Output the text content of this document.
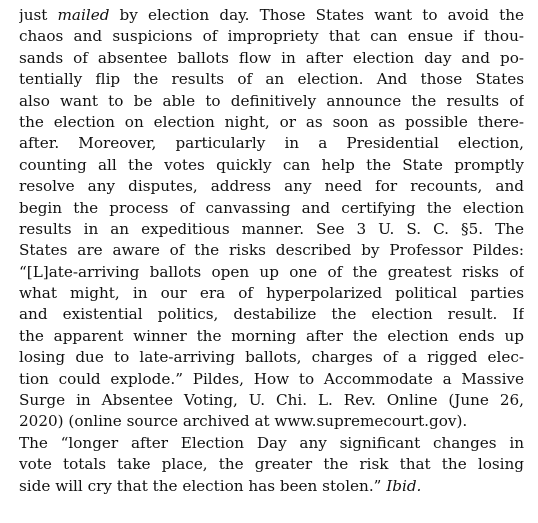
just mailed by election day. Those States want to avoid the
chaos and suspicions of impropriety that can ensue if thou-
sands of absentee ballots flow in after election day and po-
tentially flip the results of an election. And those States
also want to be able to definitively announce the results of
the election on election night, or as soon as possible there-
after. Moreover, particularly in a Presidential election,
counting all the votes quickly can help the State promptly
resolve any disputes, address any need for recounts, and
begin the process of canvassing and certifying the election
results in an expeditious manner. See 3 U. S. C. §5. The
States are aware of the risks described by Professor Pildes:
“[L]ate-arriving ballots open up one of the greatest risks of
what might, in our era of hyperpolarized political parties
and existential politics, destabilize the election result. If
the apparent winner the morning after the election ends up
losing due to late-arriving ballots, charges of a rigged elec-
tion could explode.” Pildes, How to Accommodate a Massive
Surge in Absentee Voting, U. Chi. L. Rev. Online (June 26,
2020) (online source archived at www.supremecourt.gov).
The “longer after Election Day any significant changes in
vote totals take place, the greater the risk that the losing
side will cry that the election has been stolen.” Ibid.
